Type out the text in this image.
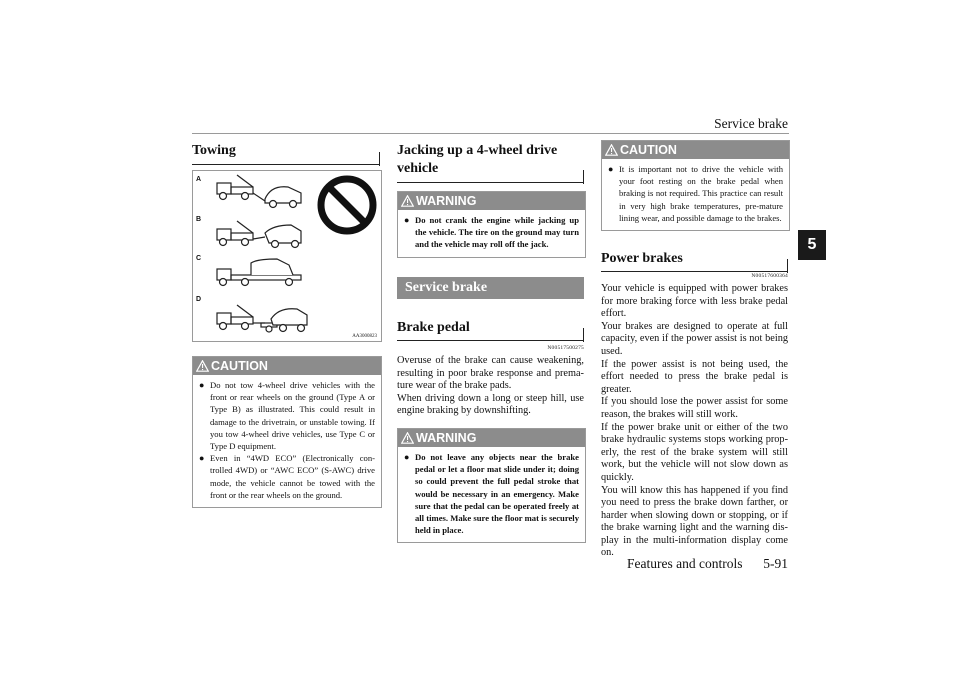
Service brake
5
Towing
A
B
C
D
AA3000823
CAUTION
● Do not tow 4-wheel drive vehicles with the front or rear wheels on the ground (Type A or Type B) as illustrated. This could result in damage to the drivetrain, or unstable towing. If you tow 4-wheel drive vehicles, use Type C or Type D equipment.
● Even in “4WD ECO” (Electronically con-trolled 4WD) or “AWC ECO” (S-AWC) drive mode, the vehicle cannot be towed with the front or the rear wheels on the ground.
Jacking up a 4-wheel drive vehicle
WARNING
● Do not crank the engine while jacking up the vehicle. The tire on the ground may turn and the vehicle may roll off the jack.
Service brake
Brake pedal
N00517500275
Overuse of the brake can cause weakening, resulting in poor brake response and prema-ture wear of the brake pads.
When driving down a long or steep hill, use engine braking by downshifting.
WARNING
● Do not leave any objects near the brake pedal or let a floor mat slide under it; doing so could prevent the full pedal stroke that would be necessary in an emergency. Make sure that the pedal can be operated freely at all times. Make sure the floor mat is securely held in place.
CAUTION
● It is important not to drive the vehicle with your foot resting on the brake pedal when braking is not required. This practice can result in very high brake temperatures, pre-mature lining wear, and possible damage to the brakes.
Power brakes
N00517600364
Your vehicle is equipped with power brakes for more braking force with less brake pedal effort.
Your brakes are designed to operate at full capacity, even if the power assist is not being used.
If the power assist is not being used, the effort needed to press the brake pedal is greater.
If you should lose the power assist for some reason, the brakes will still work.
If the power brake unit or either of the two brake hydraulic systems stops working prop-erly, the rest of the brake system will still work, but the vehicle will not slow down as quickly.
You will know this has happened if you find you need to press the brake down farther, or harder when slowing down or stopping, or if the brake warning light and the warning dis-play in the multi-information display come on.
Features and controls 5-91
